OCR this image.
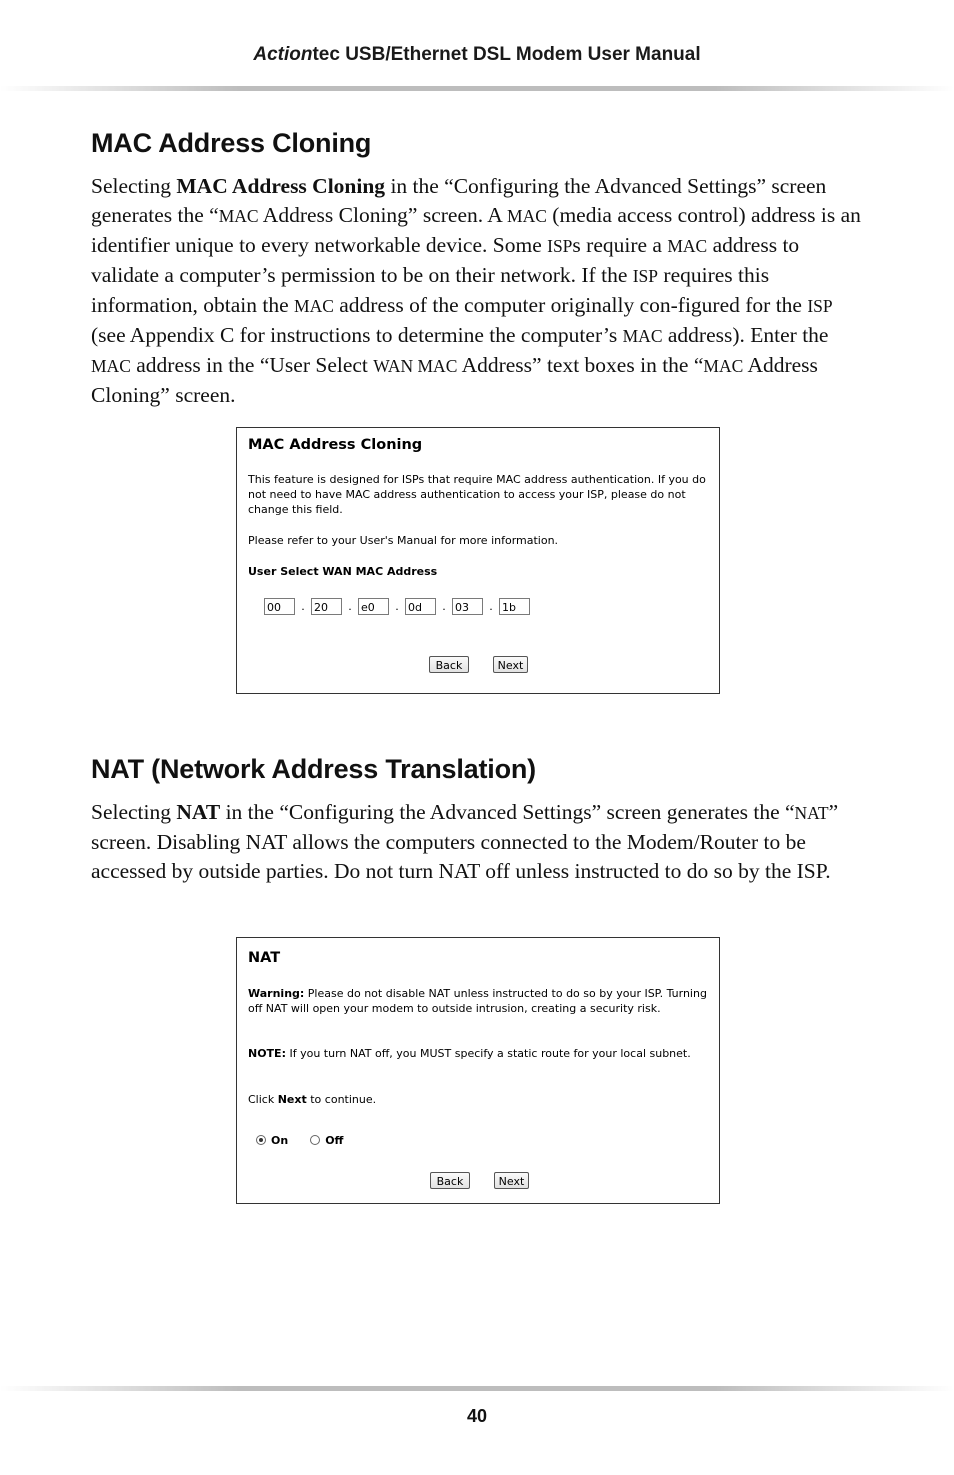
Actiontec USB/Ethernet DSL Modem User Manual
MAC Address Cloning

Selecting MAC Address Cloning in the “Configuring the Advanced Settings” screen generates the “MAC Address Cloning” screen. A MAC (media access control) address is an identifier unique to every networkable device. Some ISPs require a MAC address to validate a computer’s permission to be on their network. If the ISP requires this information, obtain the MAC address of the computer originally con-figured for the ISP (see Appendix C for instructions to determine the computer’s MAC address). Enter the MAC address in the “User Select WAN MAC Address” text boxes in the “MAC Address Cloning” screen.

MAC Address Cloning
This feature is designed for ISPs that require MAC address authentication. If you do not need to have MAC address authentication to access your ISP, please do not change this field.
Please refer to your User's Manual for more information.
User Select WAN MAC Address
00 . 20 . e0 . 0d . 03 . 1b
Back	Next
NAT (Network Address Translation)

Selecting NAT in the “Configuring the Advanced Settings” screen generates the “NAT” screen. Disabling NAT allows the computers connected to the Modem/Router to be accessed by outside parties. Do not turn NAT off unless instructed to do so by the ISP.

NAT
Warning: Please do not disable NAT unless instructed to do so by your ISP. Turning off NAT will open your modem to outside intrusion, creating a security risk.
NOTE: If you turn NAT off, you MUST specify a static route for your local subnet.
Click Next to continue.
On	Off
Back	Next
40
